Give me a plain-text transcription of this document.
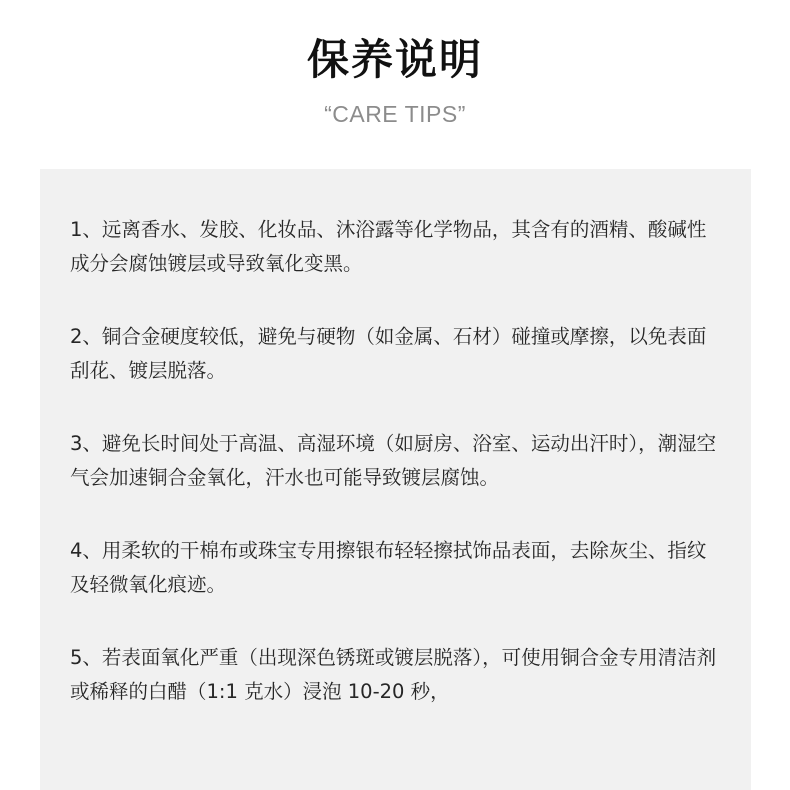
保养说明
“CARE TIPS”

1、远离香水、发胶、化妆品、沐浴露等化学物品，其含有的酒精、酸碱性成分会腐蚀镀层或导致氧化变黑。

2、铜合金硬度较低，避免与硬物（如金属、石材）碰撞或摩擦，以免表面刮花、镀层脱落。

3、避免长时间处于高温、高湿环境（如厨房、浴室、运动出汗时），潮湿空气会加速铜合金氧化，汗水也可能导致镀层腐蚀。

4、用柔软的干棉布或珠宝专用擦银布轻轻擦拭饰品表面，去除灰尘、指纹及轻微氧化痕迹。

5、若表面氧化严重（出现深色锈斑或镀层脱落），可使用铜合金专用清洁剂或稀释的白醋（1:1 克水）浸泡 10-20 秒，
